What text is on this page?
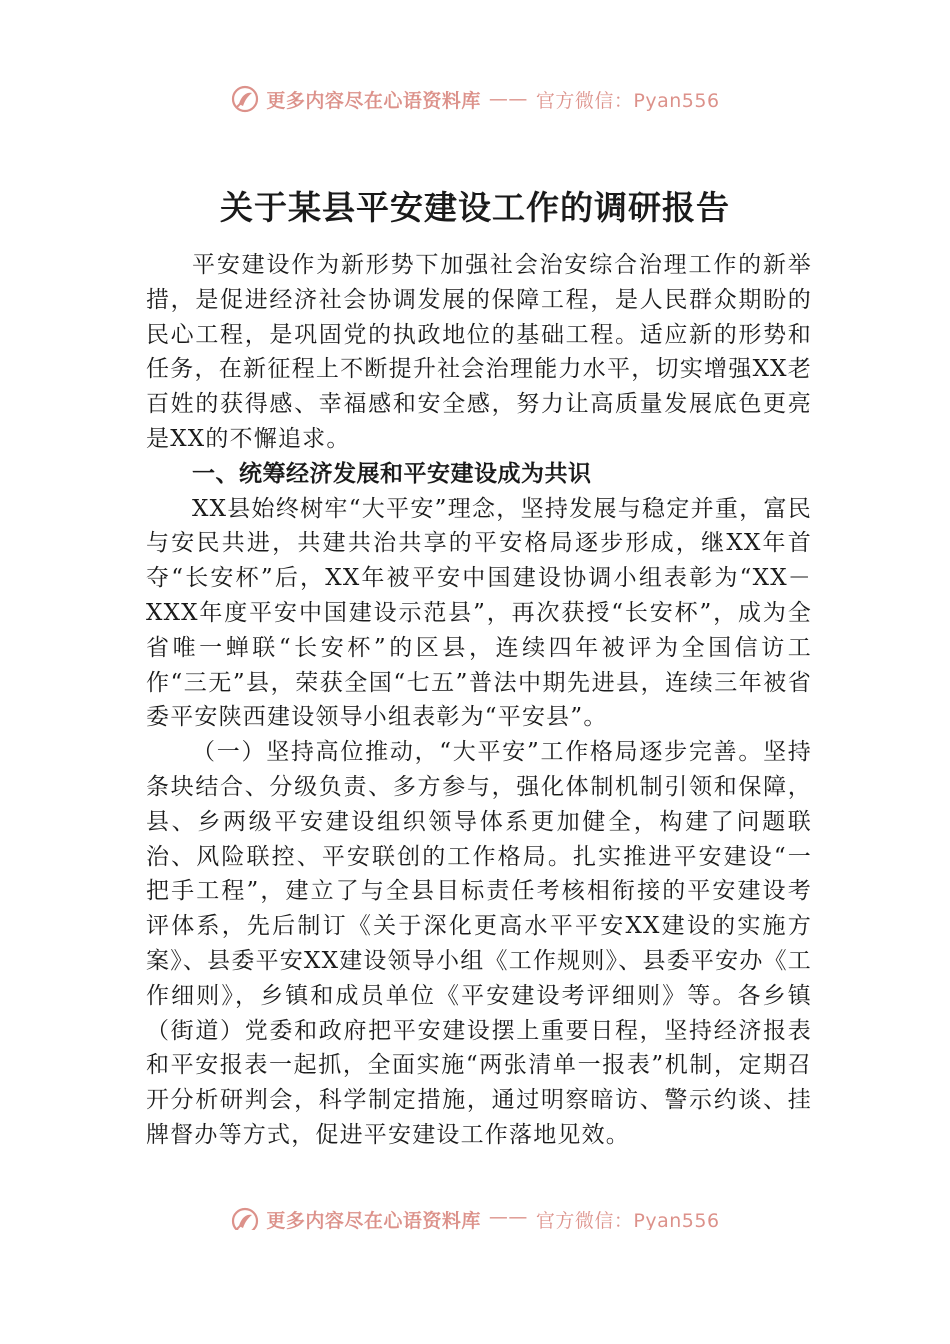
更多内容尽在心语资料库 —— 官方微信：Pyan556
关于某县平安建设工作的调研报告

平安建设作为新形势下加强社会治安综合治理工作的新举措，是促进经济社会协调发展的保障工程，是人民群众期盼的民心工程，是巩固党的执政地位的基础工程。适应新的形势和任务，在新征程上不断提升社会治理能力水平，切实增强XX老百姓的获得感、幸福感和安全感，努力让高质量发展底色更亮是XX的不懈追求。

一、统筹经济发展和平安建设成为共识

XX县始终树牢“大平安”理念，坚持发展与稳定并重，富民与安民共进，共建共治共享的平安格局逐步形成，继XX年首夺“长安杯”后，XX年被平安中国建设协调小组表彰为“XX－XXX年度平安中国建设示范县”，再次获授“长安杯”，成为全省唯一蝉联“长安杯”的区县，连续四年被评为全国信访工作“三无”县，荣获全国“七五”普法中期先进县，连续三年被省委平安陕西建设领导小组表彰为“平安县”。

（一）坚持高位推动，“大平安”工作格局逐步完善。坚持条块结合、分级负责、多方参与，强化体制机制引领和保障，县、乡两级平安建设组织领导体系更加健全，构建了问题联治、风险联控、平安联创的工作格局。扎实推进平安建设“一把手工程”，建立了与全县目标责任考核相衔接的平安建设考评体系，先后制订《关于深化更高水平平安XX建设的实施方案》、县委平安XX建设领导小组《工作规则》、县委平安办《工作细则》，乡镇和成员单位《平安建设考评细则》等。各乡镇（街道）党委和政府把平安建设摆上重要日程，坚持经济报表和平安报表一起抓，全面实施“两张清单一报表”机制，定期召开分析研判会，科学制定措施，通过明察暗访、警示约谈、挂牌督办等方式，促进平安建设工作落地见效。

更多内容尽在心语资料库 —— 官方微信：Pyan556
